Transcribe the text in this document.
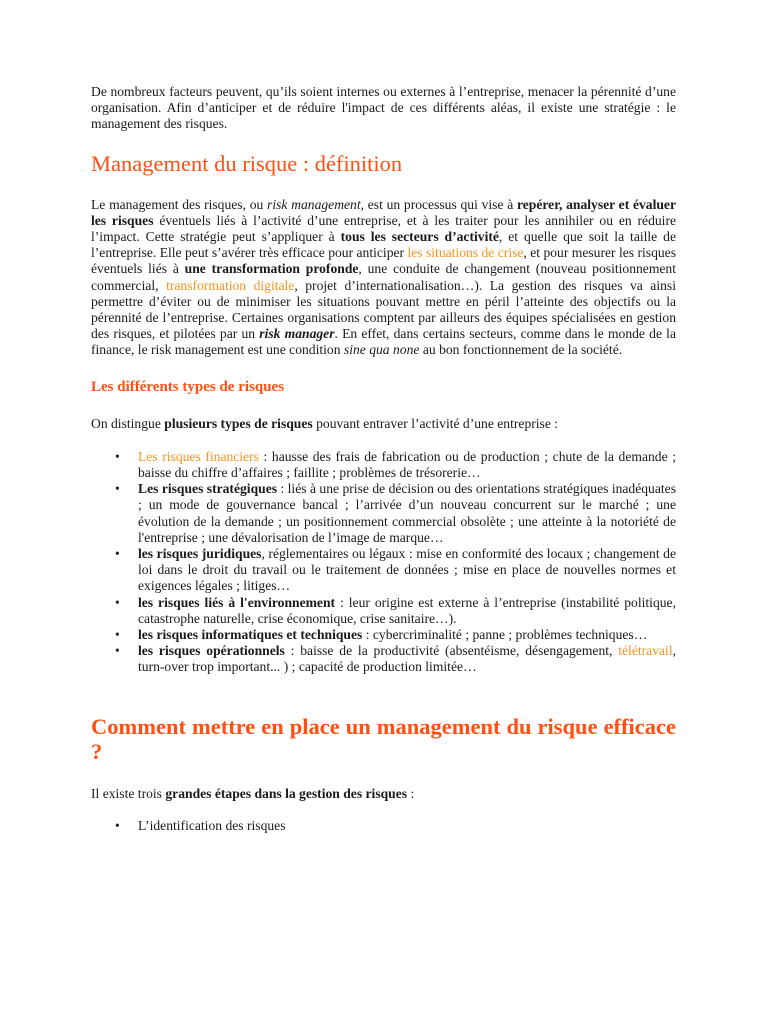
De nombreux facteurs peuvent, qu’ils soient internes ou externes à l’entreprise, menacer la pérennité d’une organisation. Afin d’anticiper et de réduire l'impact de ces différents aléas, il existe une stratégie : le management des risques.

Management du risque : définition

Le management des risques, ou risk management, est un processus qui vise à repérer, analyser et évaluer les risques éventuels liés à l’activité d’une entreprise, et à les traiter pour les annihiler ou en réduire l’impact. Cette stratégie peut s’appliquer à tous les secteurs d’activité, et quelle que soit la taille de l’entreprise. Elle peut s’avérer très efficace pour anticiper les situations de crise, et pour mesurer les risques éventuels liés à une transformation profonde, une conduite de changement (nouveau positionnement commercial, transformation digitale, projet d’internationalisation…). La gestion des risques va ainsi permettre d’éviter ou de minimiser les situations pouvant mettre en péril l’atteinte des objectifs ou la pérennité de l’entreprise. Certaines organisations comptent par ailleurs des équipes spécialisées en gestion des risques, et pilotées par un risk manager. En effet, dans certains secteurs, comme dans le monde de la finance, le risk management est une condition sine qua none au bon fonctionnement de la société.

Les différents types de risques

On distingue plusieurs types de risques pouvant entraver l’activité d’une entreprise :

• Les risques financiers : hausse des frais de fabrication ou de production ; chute de la demande ; baisse du chiffre d’affaires ; faillite ; problèmes de trésorerie…
• Les risques stratégiques : liés à une prise de décision ou des orientations stratégiques inadéquates ; un mode de gouvernance bancal ; l’arrivée d’un nouveau concurrent sur le marché ; une évolution de la demande ; un positionnement commercial obsolète ; une atteinte à la notoriété de l'entreprise ; une dévalorisation de l’image de marque…
• les risques juridiques, réglementaires ou légaux : mise en conformité des locaux ; changement de loi dans le droit du travail ou le traitement de données ; mise en place de nouvelles normes et exigences légales ; litiges…
• les risques liés à l'environnement : leur origine est externe à l’entreprise (instabilité politique, catastrophe naturelle, crise économique, crise sanitaire…).
• les risques informatiques et techniques : cybercriminalité ; panne ; problèmes techniques…
• les risques opérationnels : baisse de la productivité (absentéisme, désengagement, télétravail, turn-over trop important... ) ; capacité de production limitée…
Comment mettre en place un management du risque efficace ?

Il existe trois grandes étapes dans la gestion des risques :

• L’identification des risques
